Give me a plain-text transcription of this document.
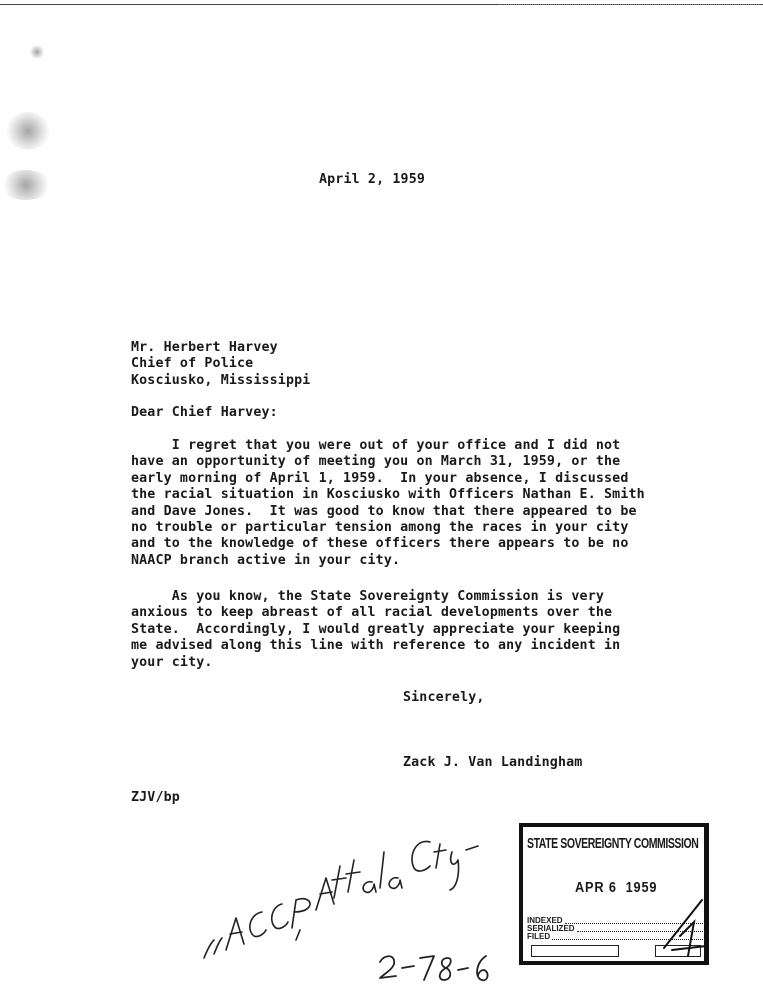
April 2, 1959

Mr. Herbert Harvey
Chief of Police
Kosciusko, Mississippi

Dear Chief Harvey:

I regret that you were out of your office and I did not
have an opportunity of meeting you on March 31, 1959, or the
early morning of April 1, 1959.  In your absence, I discussed
the racial situation in Kosciusko with Officers Nathan E. Smith
and Dave Jones.  It was good to know that there appeared to be
no trouble or particular tension among the races in your city
and to the knowledge of these officers there appears to be no
NAACP branch active in your city.

As you know, the State Sovereignty Commission is very
anxious to keep abreast of all racial developments over the
State.  Accordingly, I would greatly appreciate your keeping
me advised along this line with reference to any incident in
your city.

Sincerely,

Zack J. Van Landingham

ZJV/bp

STATE SOVEREIGNTY COMMISSION
APR 6  1959
INDEXED
SERIALIZED
FILED
